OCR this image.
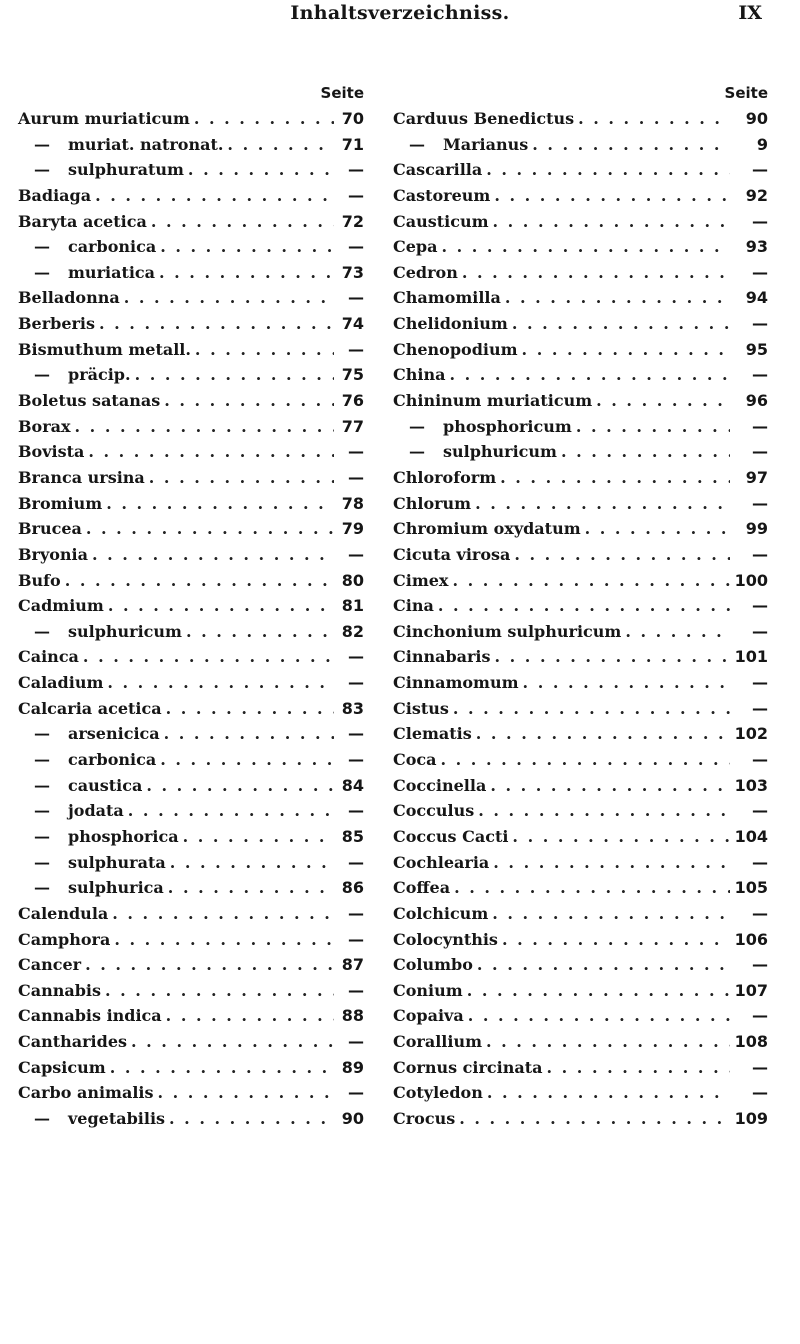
Inhaltsverzeichniss.	IX
Seite
Aurum muriaticum . . .	70
— muriat. natronat. . . .	71
— sulphuratum . . .	—
Badiaga . . .	—
Baryta acetica . . .	72
— carbonica . . .	—
— muriatica . . .	73
Belladonna . . .	—
Berberis . . .	74
Bismuthum metall. . . .	—
— präcip. . . .	75
Boletus satanas . . .	76
Borax . . .	77
Bovista . . .	—
Branca ursina . . .	—
Bromium . . .	78
Brucea . . .	79
Bryonia . . .	—
Bufo . . .	80
Cadmium . . .	81
— sulphuricum . . .	82
Cainca . . .	—
Caladium . . .	—
Calcaria acetica . . .	83
— arsenicica . . .	—
— carbonica . . .	—
— caustica . . .	84
— jodata . . .	—
— phosphorica . . .	85
— sulphurata . . .	—
— sulphurica . . .	86
Calendula . . .	—
Camphora . . .	—
Cancer . . .	87
Cannabis . . .	—
Cannabis indica . . .	88
Cantharides . . .	—
Capsicum . . .	89
Carbo animalis . . .	—
— vegetabilis . . .	90
Seite
Carduus Benedictus . . .	90
— Marianus . . .	9
Cascarilla . . .	—
Castoreum . . .	92
Causticum . . .	—
Cepa . . .	93
Cedron . . .	—
Chamomilla . . .	94
Chelidonium . . .	—
Chenopodium . . .	95
China . . .	—
Chininum muriaticum . . .	96
— phosphoricum . . .	—
— sulphuricum . . .	—
Chloroform . . .	97
Chlorum . . .	—
Chromium oxydatum . . .	99
Cicuta virosa . . .	—
Cimex . . .	100
Cina . . .	—
Cinchonium sulphuricum . . .	—
Cinnabaris . . .	101
Cinnamomum . . .	—
Cistus . . .	—
Clematis . . .	102
Coca . . .	—
Coccinella . . .	103
Cocculus . . .	—
Coccus Cacti . . .	104
Cochlearia . . .	—
Coffea . . .	105
Colchicum . . .	—
Colocynthis . . .	106
Columbo . . .	—
Conium . . .	107
Copaiva . . .	—
Corallium . . .	108
Cornus circinata . . .	—
Cotyledon . . .	—
Crocus . . .	109
